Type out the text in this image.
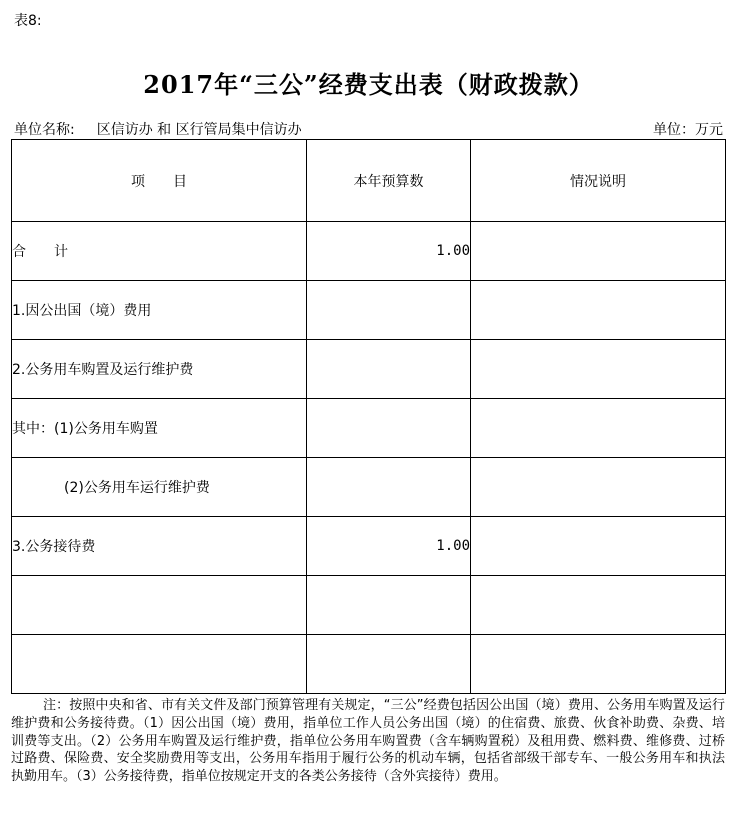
表8:
2017年“三公”经费支出表（财政拨款）
单位名称: 区信访办 和 区行管局集中信访办	单位：万元
项　　目	本年预算数	情况说明
合　　计	1.00	
1.因公出国（境）费用		
2.公务用车购置及运行维护费		
其中：(1)公务用车购置		
(2)公务用车运行维护费		
3.公务接待费	1.00	

注：按照中央和省、市有关文件及部门预算管理有关规定，“三公”经费包括因公出国（境）费用、公务用车购置及运行维护费和公务接待费。（1）因公出国（境）费用，指单位工作人员公务出国（境）的住宿费、旅费、伙食补助费、杂费、培训费等支出。（2）公务用车购置及运行维护费，指单位公务用车购置费（含车辆购置税）及租用费、燃料费、维修费、过桥过路费、保险费、安全奖励费用等支出，公务用车指用于履行公务的机动车辆，包括省部级干部专车、一般公务用车和执法执勤用车。（3）公务接待费，指单位按规定开支的各类公务接待（含外宾接待）费用。
